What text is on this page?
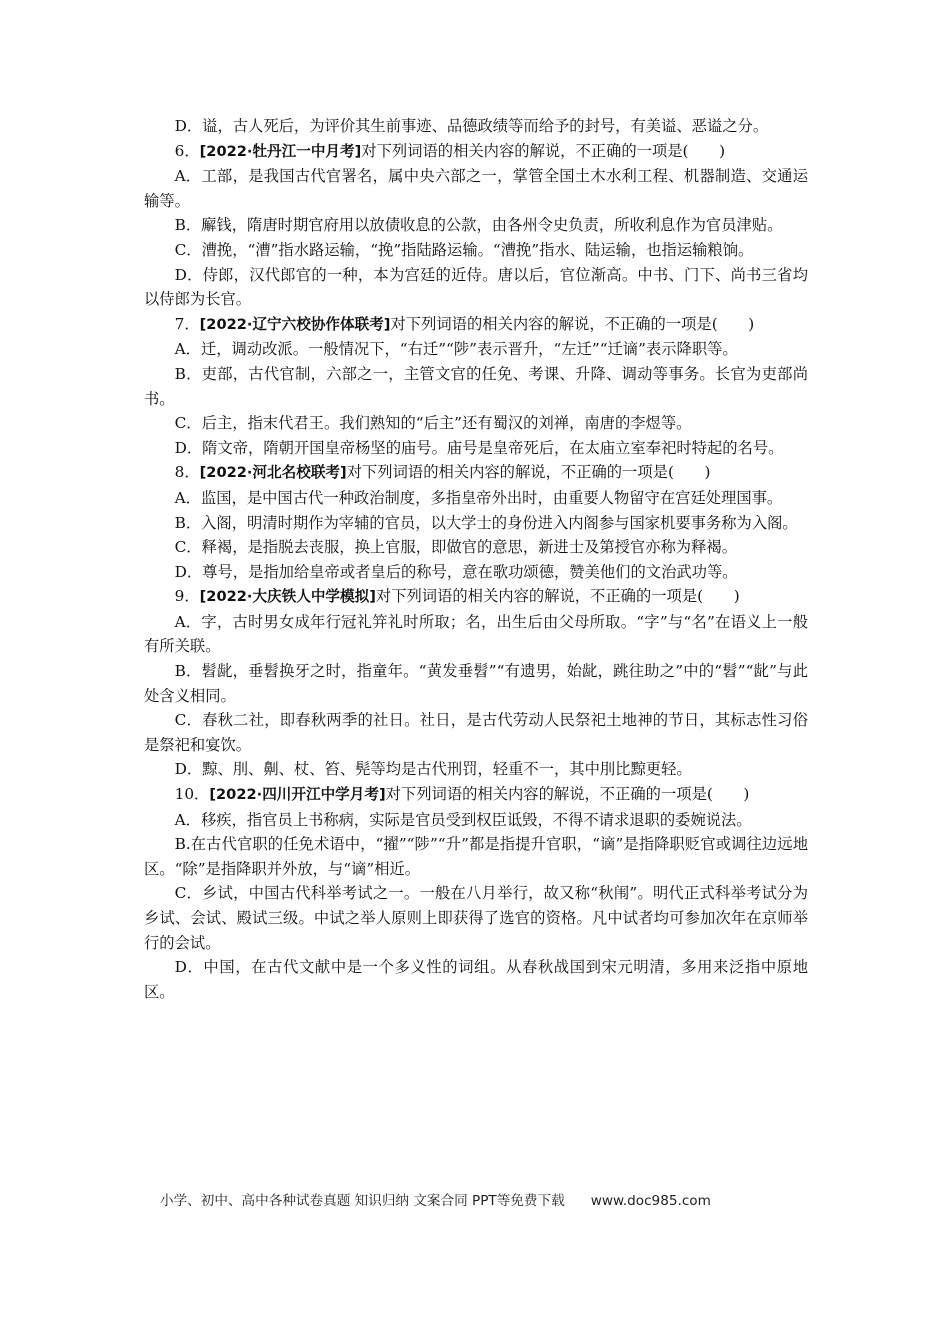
D．谥，古人死后，为评价其生前事迹、品德政绩等而给予的封号，有美谥、恶谥之分。

6．[2022·牡丹江一中月考]对下列词语的相关内容的解说，不正确的一项是(　　)

A．工部，是我国古代官署名，属中央六部之一，掌管全国土木水利工程、机器制造、交通运输等。

B．廨钱，隋唐时期官府用以放债收息的公款，由各州令史负责，所收利息作为官员津贴。

C．漕挽，“漕”指水路运输，“挽”指陆路运输。“漕挽”指水、陆运输，也指运输粮饷。

D．侍郎，汉代郎官的一种，本为宫廷的近侍。唐以后，官位渐高。中书、门下、尚书三省均以侍郎为长官。

7．[2022·辽宁六校协作体联考]对下列词语的相关内容的解说，不正确的一项是(　　)

A．迁，调动改派。一般情况下，“右迁”“陟”表示晋升，“左迁”“迁谪”表示降职等。

B．吏部，古代官制，六部之一，主管文官的任免、考课、升降、调动等事务。长官为吏部尚书。

C．后主，指末代君王。我们熟知的“后主”还有蜀汉的刘禅，南唐的李煜等。

D．隋文帝，隋朝开国皇帝杨坚的庙号。庙号是皇帝死后，在太庙立室奉祀时特起的名号。

8．[2022·河北名校联考]对下列词语的相关内容的解说，不正确的一项是(　　)

A．监国，是中国古代一种政治制度，多指皇帝外出时，由重要人物留守在宫廷处理国事。

B．入阁，明清时期作为宰辅的官员，以大学士的身份进入内阁参与国家机要事务称为入阁。

C．释褐，是指脱去丧服，换上官服，即做官的意思，新进士及第授官亦称为释褐。

D．尊号，是指加给皇帝或者皇后的称号，意在歌功颂德，赞美他们的文治武功等。

9．[2022·大庆铁人中学模拟]对下列词语的相关内容的解说，不正确的一项是(　　)

A．字，古时男女成年行冠礼笄礼时所取；名，出生后由父母所取。“字”与“名”在语义上一般有所关联。

B．髫龀，垂髫换牙之时，指童年。“黄发垂髫”“有遗男，始龀，跳往助之”中的“髫”“龀”与此处含义相同。

C．春秋二社，即春秋两季的社日。社日，是古代劳动人民祭祀土地神的节日，其标志性习俗是祭祀和宴饮。

D．黥、刖、劓、杖、笞、髡等均是古代刑罚，轻重不一，其中刖比黥更轻。

10．[2022·四川开江中学月考]对下列词语的相关内容的解说，不正确的一项是(　　)

A．移疾，指官员上书称病，实际是官员受到权臣诋毁，不得不请求退职的委婉说法。

B.在古代官职的任免术语中，“擢”“陟”“升”都是指提升官职，“谪”是指降职贬官或调往边远地区。“除”是指降职并外放，与“谪”相近。

C．乡试，中国古代科举考试之一。一般在八月举行，故又称“秋闱”。明代正式科举考试分为乡试、会试、殿试三级。中试之举人原则上即获得了选官的资格。凡中试者均可参加次年在京师举行的会试。

D．中国，在古代文献中是一个多义性的词组。从春秋战国到宋元明清，多用来泛指中原地区。

小学、初中、高中各种试卷真题 知识归纳 文案合同 PPT等免费下载 www.doc985.com
